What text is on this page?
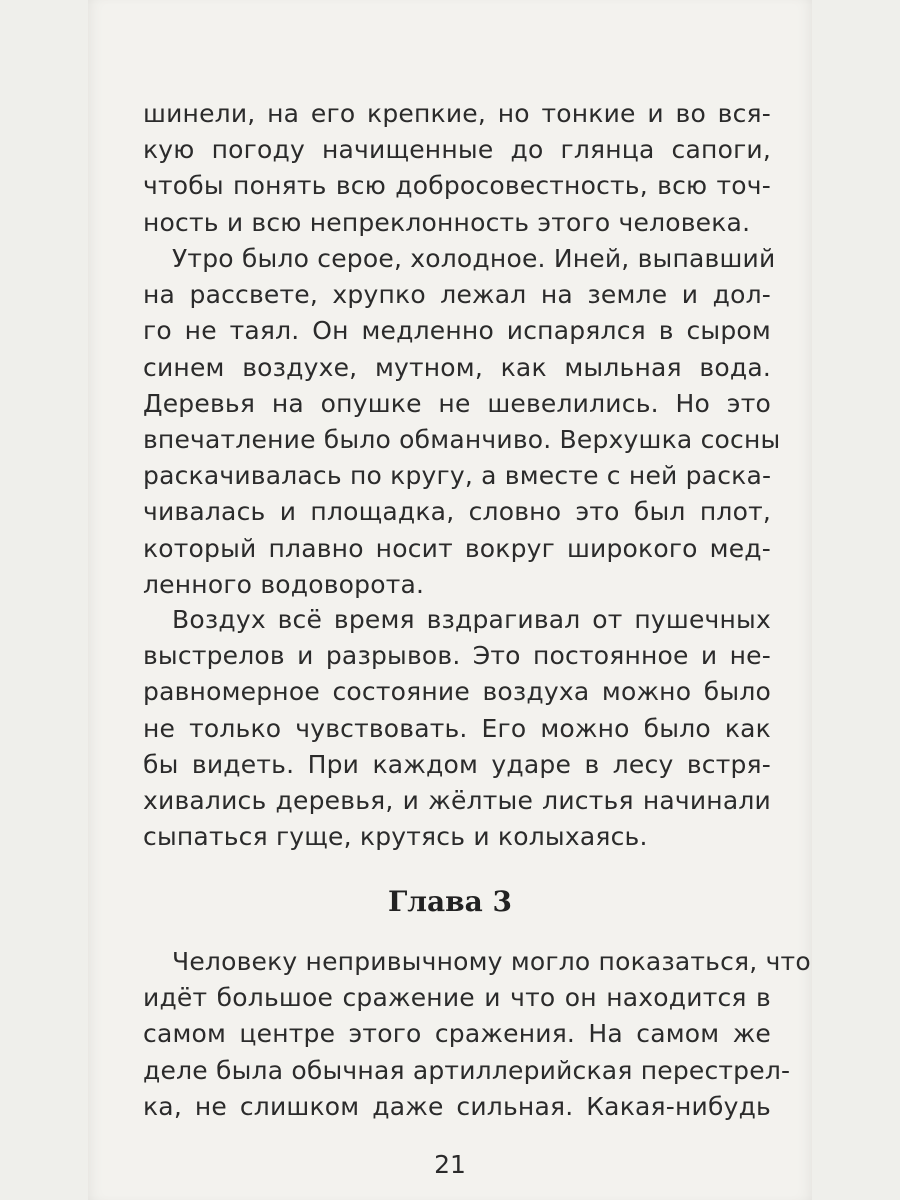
шинели, на его крепкие, но тонкие и во вся-
кую погоду начищенные до глянца сапоги,
чтобы понять всю добросовестность, всю точ-
ность и всю непреклонность этого человека.
Утро было серое, холодное. Иней, выпавший
на рассвете, хрупко лежал на земле и дол-
го не таял. Он медленно испарялся в сыром
синем воздухе, мутном, как мыльная вода.
Деревья на опушке не шевелились. Но это
впечатление было обманчиво. Верхушка сосны
раскачивалась по кругу, а вместе с ней раска-
чивалась и площадка, словно это был плот,
который плавно носит вокруг широкого мед-
ленного водоворота.
Воздух всё время вздрагивал от пушечных
выстрелов и разрывов. Это постоянное и не-
равномерное состояние воздуха можно было
не только чувствовать. Его можно было как
бы видеть. При каждом ударе в лесу встря-
хивались деревья, и жёлтые листья начинали
сыпаться гуще, крутясь и колыхаясь.
Глава 3
Человеку непривычному могло показаться, что
идёт большое сражение и что он находится в
самом центре этого сражения. На самом же
деле была обычная артиллерийская перестрел-
ка, не слишком даже сильная. Какая-нибудь
21
